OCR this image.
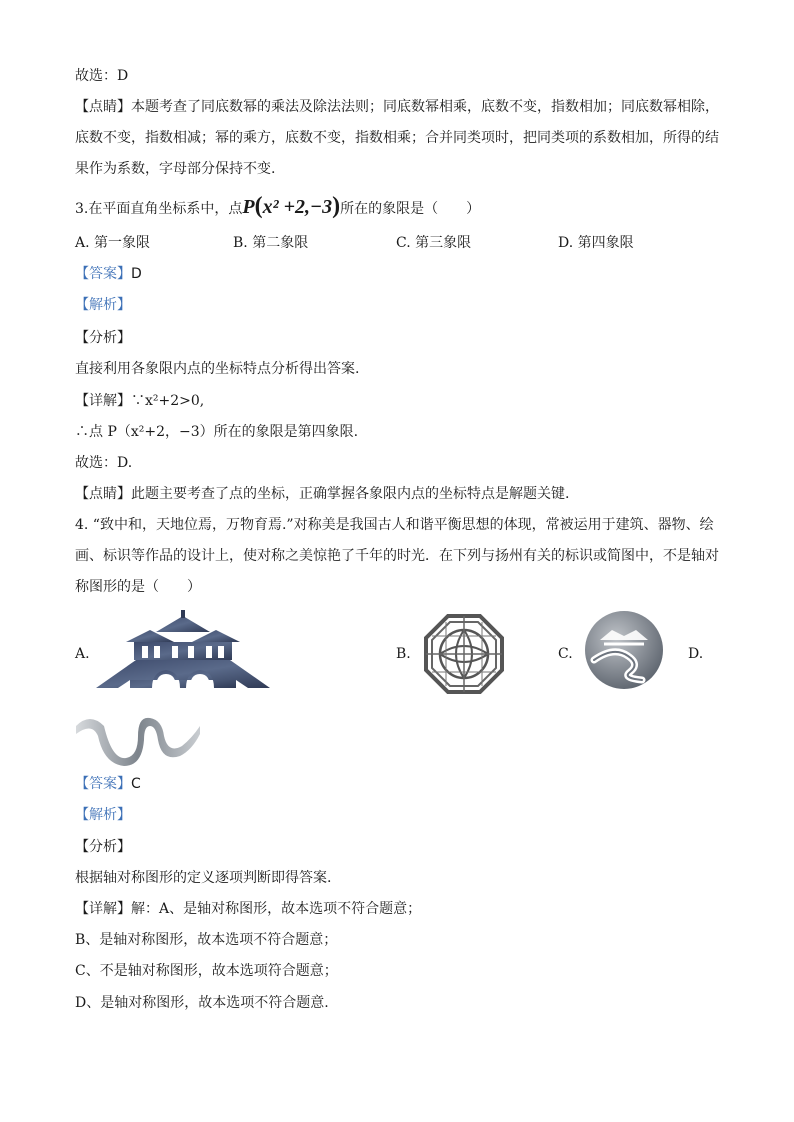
故选：D
【点睛】本题考查了同底数幂的乘法及除法法则；同底数幂相乘，底数不变，指数相加；同底数幂相除，
底数不变，指数相减；幂的乘方，底数不变，指数相乘；合并同类项时，把同类项的系数相加，所得的结
果作为系数，字母部分保持不变.
3.在平面直角坐标系中，点P(x² +2,−3)所在的象限是（　　）
A. 第一象限	B. 第二象限	C. 第三象限	D. 第四象限
【答案】D
【解析】
【分析】
直接利用各象限内点的坐标特点分析得出答案.
【详解】∵x²+2>0,
∴点 P（x²+2，−3）所在的象限是第四象限.
故选：D.
【点睛】此题主要考查了点的坐标，正确掌握各象限内点的坐标特点是解题关键.
4. “致中和，天地位焉，万物育焉.”对称美是我国古人和谐平衡思想的体现，常被运用于建筑、器物、绘
画、标识等作品的设计上，使对称之美惊艳了千年的时光．在下列与扬州有关的标识或简图中，不是轴对
称图形的是（　　）
A.	B.	C.	D.
【答案】C
【解析】
【分析】
根据轴对称图形的定义逐项判断即得答案.
【详解】解：A、是轴对称图形，故本选项不符合题意；
B、是轴对称图形，故本选项不符合题意；
C、不是轴对称图形，故本选项符合题意；
D、是轴对称图形，故本选项不符合题意.
